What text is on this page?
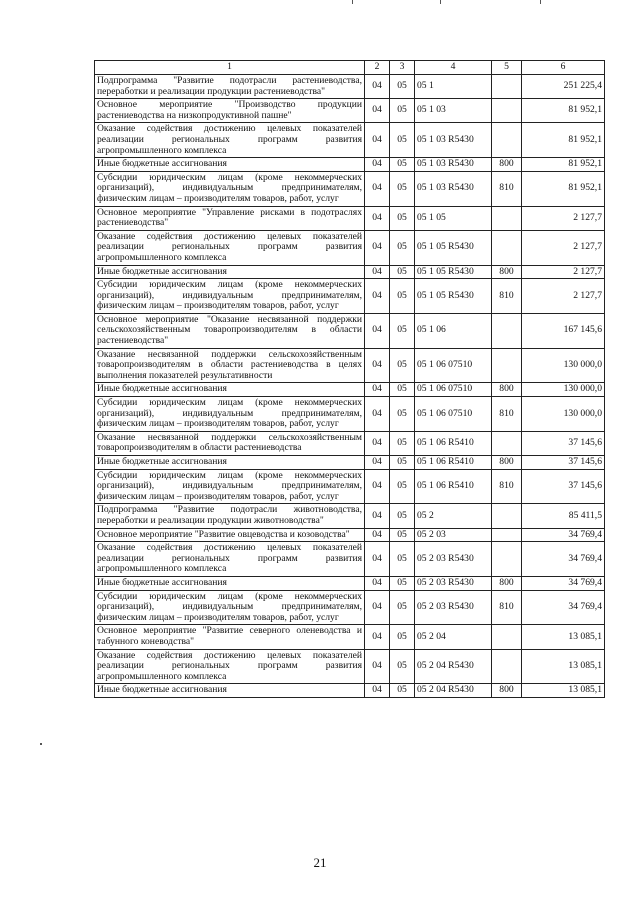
1	2	3	4	5	6
Подпрограмма "Развитие подотрасли растениеводства, переработки и реализации продукции растениеводства"	04	05	05 1		251 225,4
Основное мероприятие "Производство продукции растениеводства на низкопродуктивной пашне"	04	05	05 1 03		81 952,1
Оказание содействия достижению целевых показателей реализации региональных программ развития агропромышленного комплекса	04	05	05 1 03 R5430		81 952,1
Иные бюджетные ассигнования	04	05	05 1 03 R5430	800	81 952,1
Субсидии юридическим лицам (кроме некоммерческих организаций), индивидуальным предпринимателям, физическим лицам – производителям товаров, работ, услуг	04	05	05 1 03 R5430	810	81 952,1
Основное мероприятие "Управление рисками в подотраслях растениеводства"	04	05	05 1 05		2 127,7
Оказание содействия достижению целевых показателей реализации региональных программ развития агропромышленного комплекса	04	05	05 1 05 R5430		2 127,7
Иные бюджетные ассигнования	04	05	05 1 05 R5430	800	2 127,7
Субсидии юридическим лицам (кроме некоммерческих организаций), индивидуальным предпринимателям, физическим лицам – производителям товаров, работ, услуг	04	05	05 1 05 R5430	810	2 127,7
Основное мероприятие "Оказание несвязанной поддержки сельскохозяйственным товаропроизводителям в области растениеводства"	04	05	05 1 06		167 145,6
Оказание несвязанной поддержки сельскохозяйственным товаропроизводителям в области растениеводства в целях выполнения показателей результативности	04	05	05 1 06 07510		130 000,0
Иные бюджетные ассигнования	04	05	05 1 06 07510	800	130 000,0
Субсидии юридическим лицам (кроме некоммерческих организаций), индивидуальным предпринимателям, физическим лицам – производителям товаров, работ, услуг	04	05	05 1 06 07510	810	130 000,0
Оказание несвязанной поддержки сельскохозяйственным товаропроизводителям в области растениеводства	04	05	05 1 06 R5410		37 145,6
Иные бюджетные ассигнования	04	05	05 1 06 R5410	800	37 145,6
Субсидии юридическим лицам (кроме некоммерческих организаций), индивидуальным предпринимателям, физическим лицам – производителям товаров, работ, услуг	04	05	05 1 06 R5410	810	37 145,6
Подпрограмма "Развитие подотрасли животноводства, переработки и реализации продукции животноводства"	04	05	05 2		85 411,5
Основное мероприятие "Развитие овцеводства и козоводства"	04	05	05 2 03		34 769,4
Оказание содействия достижению целевых показателей реализации региональных программ развития агропромышленного комплекса	04	05	05 2 03 R5430		34 769,4
Иные бюджетные ассигнования	04	05	05 2 03 R5430	800	34 769,4
Субсидии юридическим лицам (кроме некоммерческих организаций), индивидуальным предпринимателям, физическим лицам – производителям товаров, работ, услуг	04	05	05 2 03 R5430	810	34 769,4
Основное мероприятие "Развитие северного оленеводства и табунного коневодства"	04	05	05 2 04		13 085,1
Оказание содействия достижению целевых показателей реализации региональных программ развития агропромышленного комплекса	04	05	05 2 04 R5430		13 085,1
Иные бюджетные ассигнования	04	05	05 2 04 R5430	800	13 085,1
21
